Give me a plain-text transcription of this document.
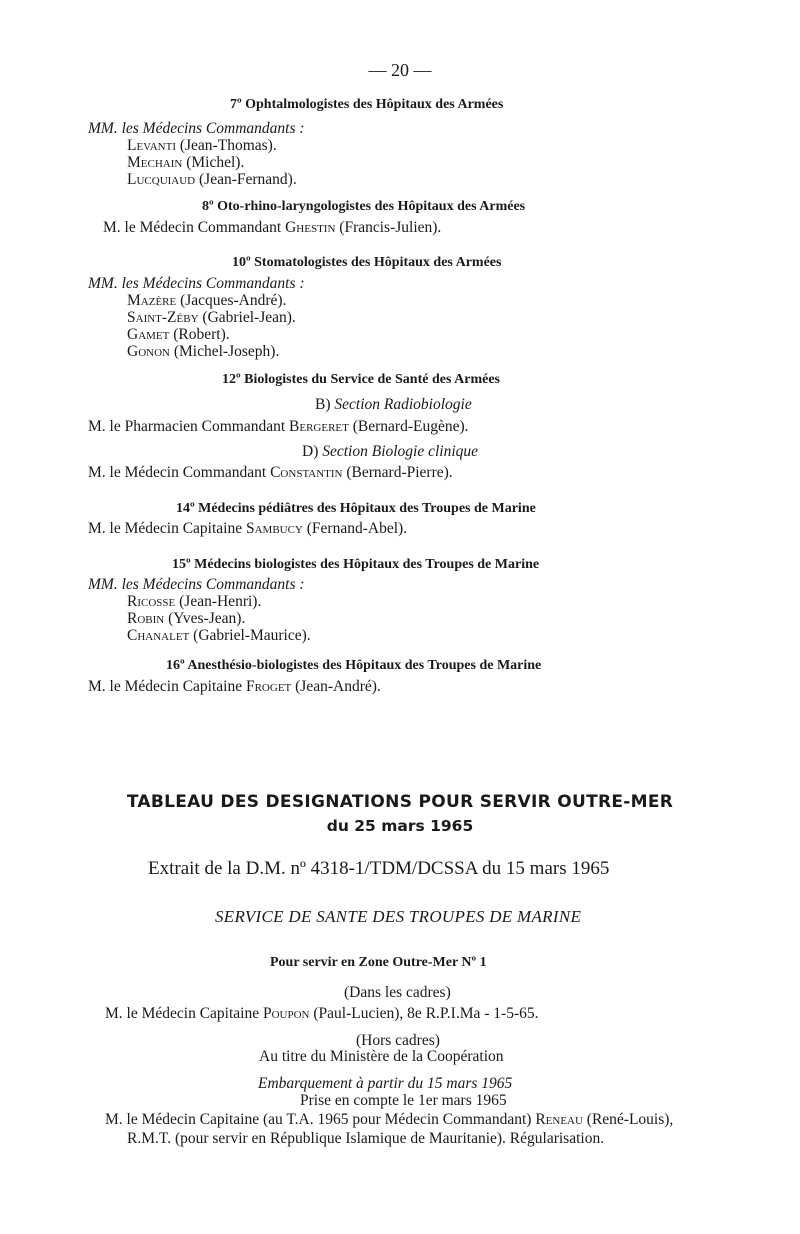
— 20 —
7º Ophtalmologistes des Hôpitaux des Armées
MM. les Médecins Commandants :
Levanti (Jean-Thomas).
Mechain (Michel).
Lucquiaud (Jean-Fernand).
8º Oto-rhino-laryngologistes des Hôpitaux des Armées
M. le Médecin Commandant Ghestin (Francis-Julien).
10º Stomatologistes des Hôpitaux des Armées
MM. les Médecins Commandants :
Mazère (Jacques-André).
Saint-Zéby (Gabriel-Jean).
Gamet (Robert).
Gonon (Michel-Joseph).
12º Biologistes du Service de Santé des Armées
B) Section Radiobiologie
M. le Pharmacien Commandant Bergeret (Bernard-Eugène).
D) Section Biologie clinique
M. le Médecin Commandant Constantin (Bernard-Pierre).
14º Médecins pédiâtres des Hôpitaux des Troupes de Marine
M. le Médecin Capitaine Sambucy (Fernand-Abel).
15º Médecins biologistes des Hôpitaux des Troupes de Marine
MM. les Médecins Commandants :
Ricosse (Jean-Henri).
Robin (Yves-Jean).
Chanalet (Gabriel-Maurice).
16º Anesthésio-biologistes des Hôpitaux des Troupes de Marine
M. le Médecin Capitaine Froget (Jean-André).
TABLEAU DES DESIGNATIONS POUR SERVIR OUTRE-MER
du 25 mars 1965
Extrait de la D.M. nº 4318-1/TDM/DCSSA du 15 mars 1965
SERVICE DE SANTE DES TROUPES DE MARINE
Pour servir en Zone Outre-Mer Nº 1
(Dans les cadres)
M. le Médecin Capitaine Poupon (Paul-Lucien), 8e R.P.I.Ma - 1-5-65.
(Hors cadres)
Au titre du Ministère de la Coopération
Embarquement à partir du 15 mars 1965
Prise en compte le 1er mars 1965
M. le Médecin Capitaine (au T.A. 1965 pour Médecin Commandant) Reneau (René-Louis),
R.M.T. (pour servir en République Islamique de Mauritanie). Régularisation.
